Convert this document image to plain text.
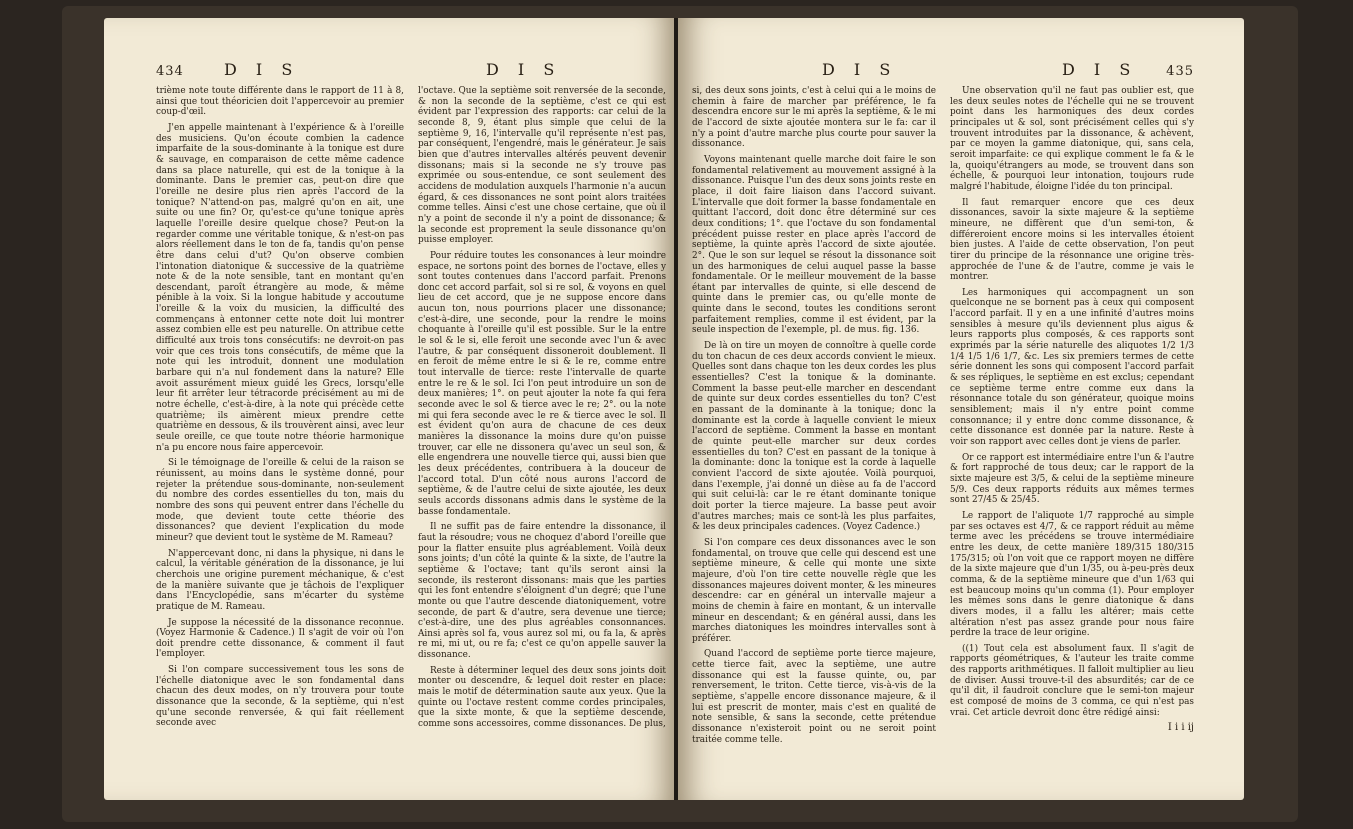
434	D I S	D I S

trième note toute différente dans le rapport de 11 à 8, ainsi que tout théoricien doit l'appercevoir au premier coup-d'œil.

J'en appelle maintenant à l'expérience & à l'oreille des musiciens. Qu'on écoute combien la cadence imparfaite de la sous-dominante à la tonique est dure & sauvage, en comparaison de cette même cadence dans sa place naturelle, qui est de la tonique à la dominante. Dans le premier cas, peut-on dire que l'oreille ne desire plus rien après l'accord de la tonique? N'attend-on pas, malgré qu'on en ait, une suite ou une fin? Or, qu'est-ce qu'une tonique après laquelle l'oreille desire quelque chose? Peut-on la regarder comme une véritable tonique, & n'est-on pas alors réellement dans le ton de fa, tandis qu'on pense être dans celui d'ut? Qu'on observe combien l'intonation diatonique & successive de la quatrième note & de la note sensible, tant en montant qu'en descendant, paroît étrangère au mode, & même pénible à la voix. Si la longue habitude y accoutume l'oreille & la voix du musicien, la difficulté des commençans à entonner cette note doit lui montrer assez combien elle est peu naturelle. On attribue cette difficulté aux trois tons consécutifs: ne devroit-on pas voir que ces trois tons consécutifs, de même que la note qui les introduit, donnent une modulation barbare qui n'a nul fondement dans la nature? Elle avoit assurément mieux guidé les Grecs, lorsqu'elle leur fit arrêter leur tétracorde précisément au mi de notre échelle, c'est-à-dire, à la note qui précède cette quatrième; ils aimèrent mieux prendre cette quatrième en dessous, & ils trouvèrent ainsi, avec leur seule oreille, ce que toute notre théorie harmonique n'a pu encore nous faire appercevoir.

Si le témoignage de l'oreille & celui de la raison se réunissent, au moins dans le système donné, pour rejeter la prétendue sous-dominante, non-seulement du nombre des cordes essentielles du ton, mais du nombre des sons qui peuvent entrer dans l'échelle du mode, que devient toute cette théorie des dissonances? que devient l'explication du mode mineur? que devient tout le système de M. Rameau?

N'appercevant donc, ni dans la physique, ni dans le calcul, la véritable génération de la dissonance, je lui cherchois une origine purement méchanique, & c'est de la manière suivante que je tâchois de l'expliquer dans l'Encyclopédie, sans m'écarter du système pratique de M. Rameau.

Je suppose la nécessité de la dissonance reconnue. (Voyez Harmonie & Cadence.) Il s'agit de voir où l'on doit prendre cette dissonance, & comment il faut l'employer.

Si l'on compare successivement tous les sons de l'échelle diatonique avec le son fondamental dans chacun des deux modes, on n'y trouvera pour toute dissonance que la seconde, & la septième, qui n'est qu'une seconde renversée, & qui fait réellement seconde avec

l'octave. Que la septième soit renversée de la seconde, & non la seconde de la septième, c'est ce qui est évident par l'expression des rapports: car celui de la seconde 8, 9, étant plus simple que celui de la septième 9, 16, l'intervalle qu'il représente n'est pas, par conséquent, l'engendré, mais le générateur. Je sais bien que d'autres intervalles altérés peuvent devenir dissonans; mais si la seconde ne s'y trouve pas exprimée ou sous-entendue, ce sont seulement des accidens de modulation auxquels l'harmonie n'a aucun égard, & ces dissonances ne sont point alors traitées comme telles. Ainsi c'est une chose certaine, que où il n'y a point de seconde il n'y a point de dissonance; & la seconde est proprement la seule dissonance qu'on puisse employer.

Pour réduire toutes les consonances à leur moindre espace, ne sortons point des bornes de l'octave, elles y sont toutes contenues dans l'accord parfait. Prenons donc cet accord parfait, sol si re sol, & voyons en quel lieu de cet accord, que je ne suppose encore dans aucun ton, nous pourrions placer une dissonance; c'est-à-dire, une seconde, pour la rendre le moins choquante à l'oreille qu'il est possible. Sur le la entre le sol & le si, elle feroit une seconde avec l'un & avec l'autre, & par conséquent dissoneroit doublement. Il en feroit de même entre le si & le re, comme entre tout intervalle de tierce: reste l'intervalle de quarte entre le re & le sol. Ici l'on peut introduire un son de deux manières; 1°. on peut ajouter la note fa qui fera seconde avec le sol & tierce avec le re; 2°. ou la note mi qui fera seconde avec le re & tierce avec le sol. Il est évident qu'on aura de chacune de ces deux manières la dissonance la moins dure qu'on puisse trouver, car elle ne dissonera qu'avec un seul son, & elle engendrera une nouvelle tierce qui, aussi bien que les deux précédentes, contribuera à la douceur de l'accord total. D'un côté nous aurons l'accord de septième, & de l'autre celui de sixte ajoutée, les deux seuls accords dissonans admis dans le système de la basse fondamentale.

Il ne suffit pas de faire entendre la dissonance, il faut la résoudre; vous ne choquez d'abord l'oreille que pour la flatter ensuite plus agréablement. Voilà deux sons joints; d'un côté la quinte & la sixte, de l'autre la septième & l'octave; tant qu'ils seront ainsi la seconde, ils resteront dissonans: mais que les parties qui les font entendre s'éloignent d'un degré; que l'une monte ou que l'autre descende diatoniquement, votre seconde, de part & d'autre, sera devenue une tierce; c'est-à-dire, une des plus agréables consonnances. Ainsi après sol fa, vous aurez sol mi, ou fa la, & après re mi, mi ut, ou re fa; c'est ce qu'on appelle sauver la dissonance.

Reste à déterminer lequel des deux sons joints doit monter ou descendre, & lequel doit rester en place: mais le motif de détermination saute aux yeux. Que la quinte ou l'octave restent comme cordes principales, que la sixte monte, & que la septième descende, comme sons accessoires, comme dissonances. De plus,

D I S	D I S 435

si, des deux sons joints, c'est à celui qui a le moins de chemin à faire de marcher par préférence, le fa descendra encore sur le mi après la septième, & le mi de l'accord de sixte ajoutée montera sur le fa: car il n'y a point d'autre marche plus courte pour sauver la dissonance.

Voyons maintenant quelle marche doit faire le son fondamental relativement au mouvement assigné à la dissonance. Puisque l'un des deux sons joints reste en place, il doit faire liaison dans l'accord suivant. L'intervalle que doit former la basse fondamentale en quittant l'accord, doit donc être déterminé sur ces deux conditions; 1°. que l'octave du son fondamental précédent puisse rester en place après l'accord de septième, la quinte après l'accord de sixte ajoutée. 2°. Que le son sur lequel se résout la dissonance soit un des harmoniques de celui auquel passe la basse fondamentale. Or le meilleur mouvement de la basse étant par intervalles de quinte, si elle descend de quinte dans le premier cas, ou qu'elle monte de quinte dans le second, toutes les conditions seront parfaitement remplies, comme il est évident, par la seule inspection de l'exemple, pl. de mus. fig. 136.

De là on tire un moyen de connoître à quelle corde du ton chacun de ces deux accords convient le mieux. Quelles sont dans chaque ton les deux cordes les plus essentielles? C'est la tonique & la dominante. Comment la basse peut-elle marcher en descendant de quinte sur deux cordes essentielles du ton? C'est en passant de la dominante à la tonique; donc la dominante est la corde à laquelle convient le mieux l'accord de septième. Comment la basse en montant de quinte peut-elle marcher sur deux cordes essentielles du ton? C'est en passant de la tonique à la dominante: donc la tonique est la corde à laquelle convient l'accord de sixte ajoutée. Voilà pourquoi, dans l'exemple, j'ai donné un dièse au fa de l'accord qui suit celui-là: car le re étant dominante tonique doit porter la tierce majeure. La basse peut avoir d'autres marches; mais ce sont-là les plus parfaites, & les deux principales cadences. (Voyez Cadence.)

Si l'on compare ces deux dissonances avec le son fondamental, on trouve que celle qui descend est une septième mineure, & celle qui monte une sixte majeure, d'où l'on tire cette nouvelle règle que les dissonances majeures doivent monter, & les mineures descendre: car en général un intervalle majeur a moins de chemin à faire en montant, & un intervalle mineur en descendant; & en général aussi, dans les marches diatoniques les moindres intervalles sont à préférer.

Quand l'accord de septième porte tierce majeure, cette tierce fait, avec la septième, une autre dissonance qui est la fausse quinte, ou, par renversement, le triton. Cette tierce, vis-à-vis de la septième, s'appelle encore dissonance majeure, & il lui est prescrit de monter, mais c'est en qualité de note sensible, & sans la seconde, cette prétendue dissonance n'existeroit point ou ne seroit point traitée comme telle.

Une observation qu'il ne faut pas oublier est, que les deux seules notes de l'échelle qui ne se trouvent point dans les harmoniques des deux cordes principales ut & sol, sont précisément celles qui s'y trouvent introduites par la dissonance, & achèvent, par ce moyen la gamme diatonique, qui, sans cela, seroit imparfaite: ce qui explique comment le fa & le la, quoiqu'étrangers au mode, se trouvent dans son échelle, & pourquoi leur intonation, toujours rude malgré l'habitude, éloigne l'idée du ton principal.

Il faut remarquer encore que ces deux dissonances, savoir la sixte majeure & la septième mineure, ne diffèrent que d'un semi-ton, & différeroient encore moins si les intervalles étoient bien justes. A l'aide de cette observation, l'on peut tirer du principe de la résonnance une origine très-approchée de l'une & de l'autre, comme je vais le montrer.

Les harmoniques qui accompagnent un son quelconque ne se bornent pas à ceux qui composent l'accord parfait. Il y en a une infinité d'autres moins sensibles à mesure qu'ils deviennent plus aigus & leurs rapports plus composés, & ces rapports sont exprimés par la série naturelle des aliquotes 1/2 1/3 1/4 1/5 1/6 1/7, &c. Les six premiers termes de cette série donnent les sons qui composent l'accord parfait & ses répliques, le septième en est exclus; cependant ce septième terme entre comme eux dans la résonnance totale du son générateur, quoique moins sensiblement; mais il n'y entre point comme consonnance; il y entre donc comme dissonance, & cette dissonance est donnée par la nature. Reste à voir son rapport avec celles dont je viens de parler.

Or ce rapport est intermédiaire entre l'un & l'autre & fort rapproché de tous deux; car le rapport de la sixte majeure est 3/5, & celui de la septième mineure 5/9. Ces deux rapports réduits aux mêmes termes sont 27/45 & 25/45.

Le rapport de l'aliquote 1/7 rapproché au simple par ses octaves est 4/7, & ce rapport réduit au même terme avec les précédens se trouve intermédiaire entre les deux, de cette manière 189/315 180/315 175/315; où l'on voit que ce rapport moyen ne diffère de la sixte majeure que d'un 1/35, ou à-peu-près deux comma, & de la septième mineure que d'un 1/63 qui est beaucoup moins qu'un comma (1). Pour employer les mêmes sons dans le genre diatonique & dans divers modes, il a fallu les altérer; mais cette altération n'est pas assez grande pour nous faire perdre la trace de leur origine.

((1) Tout cela est absolument faux. Il s'agit de rapports géométriques, & l'auteur les traite comme des rapports arithmétiques. Il falloit multiplier au lieu de diviser. Aussi trouve-t-il des absurdités; car de ce qu'il dit, il faudroit conclure que le semi-ton majeur est composé de moins de 3 comma, ce qui n'est pas vrai. Cet article devroit donc être rédigé ainsi:

I i i ij
